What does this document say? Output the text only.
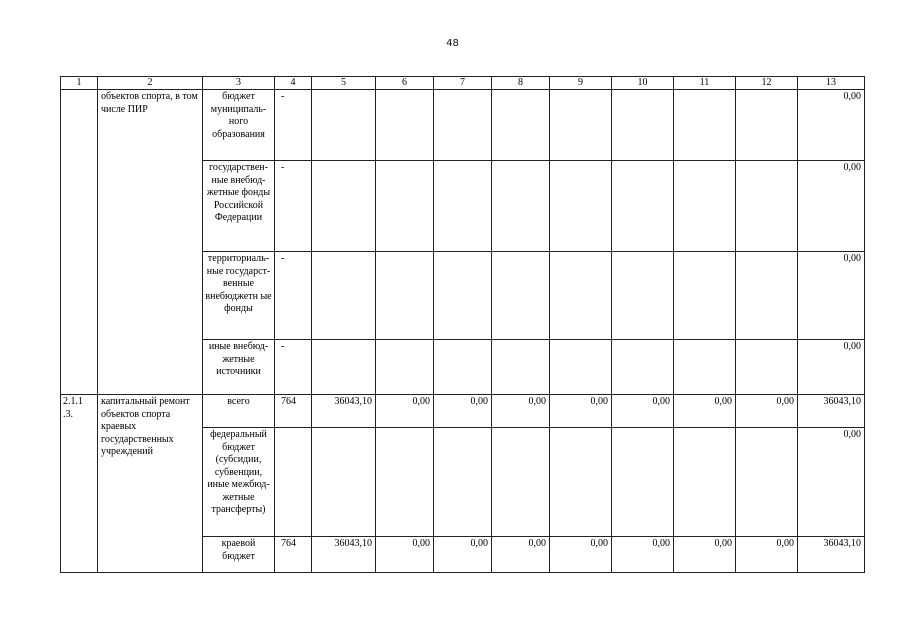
48
1	2	3	4	5	6	7	8	9	10	11	12	13
	объектов спорта, в том числе ПИР	бюджет муниципаль-ного образования	-									0,00
		государствен-ные внебюд-жетные фонды Российской Федерации	-									0,00
		территориаль-ные государст-венные внебюджетн ые фонды	-									0,00
		иные внебюд-жетные источники	-									0,00
2.1.1 .3.	капитальный ремонт объектов спорта краевых государственных учреждений	всего	764	36043,10	0,00	0,00	0,00	0,00	0,00	0,00	0,00	36043,10
		федеральный бюджет (субсидии, субвенции, иные межбюд-жетные трансферты)										0,00
		краевой бюджет	764	36043,10	0,00	0,00	0,00	0,00	0,00	0,00	0,00	36043,10
